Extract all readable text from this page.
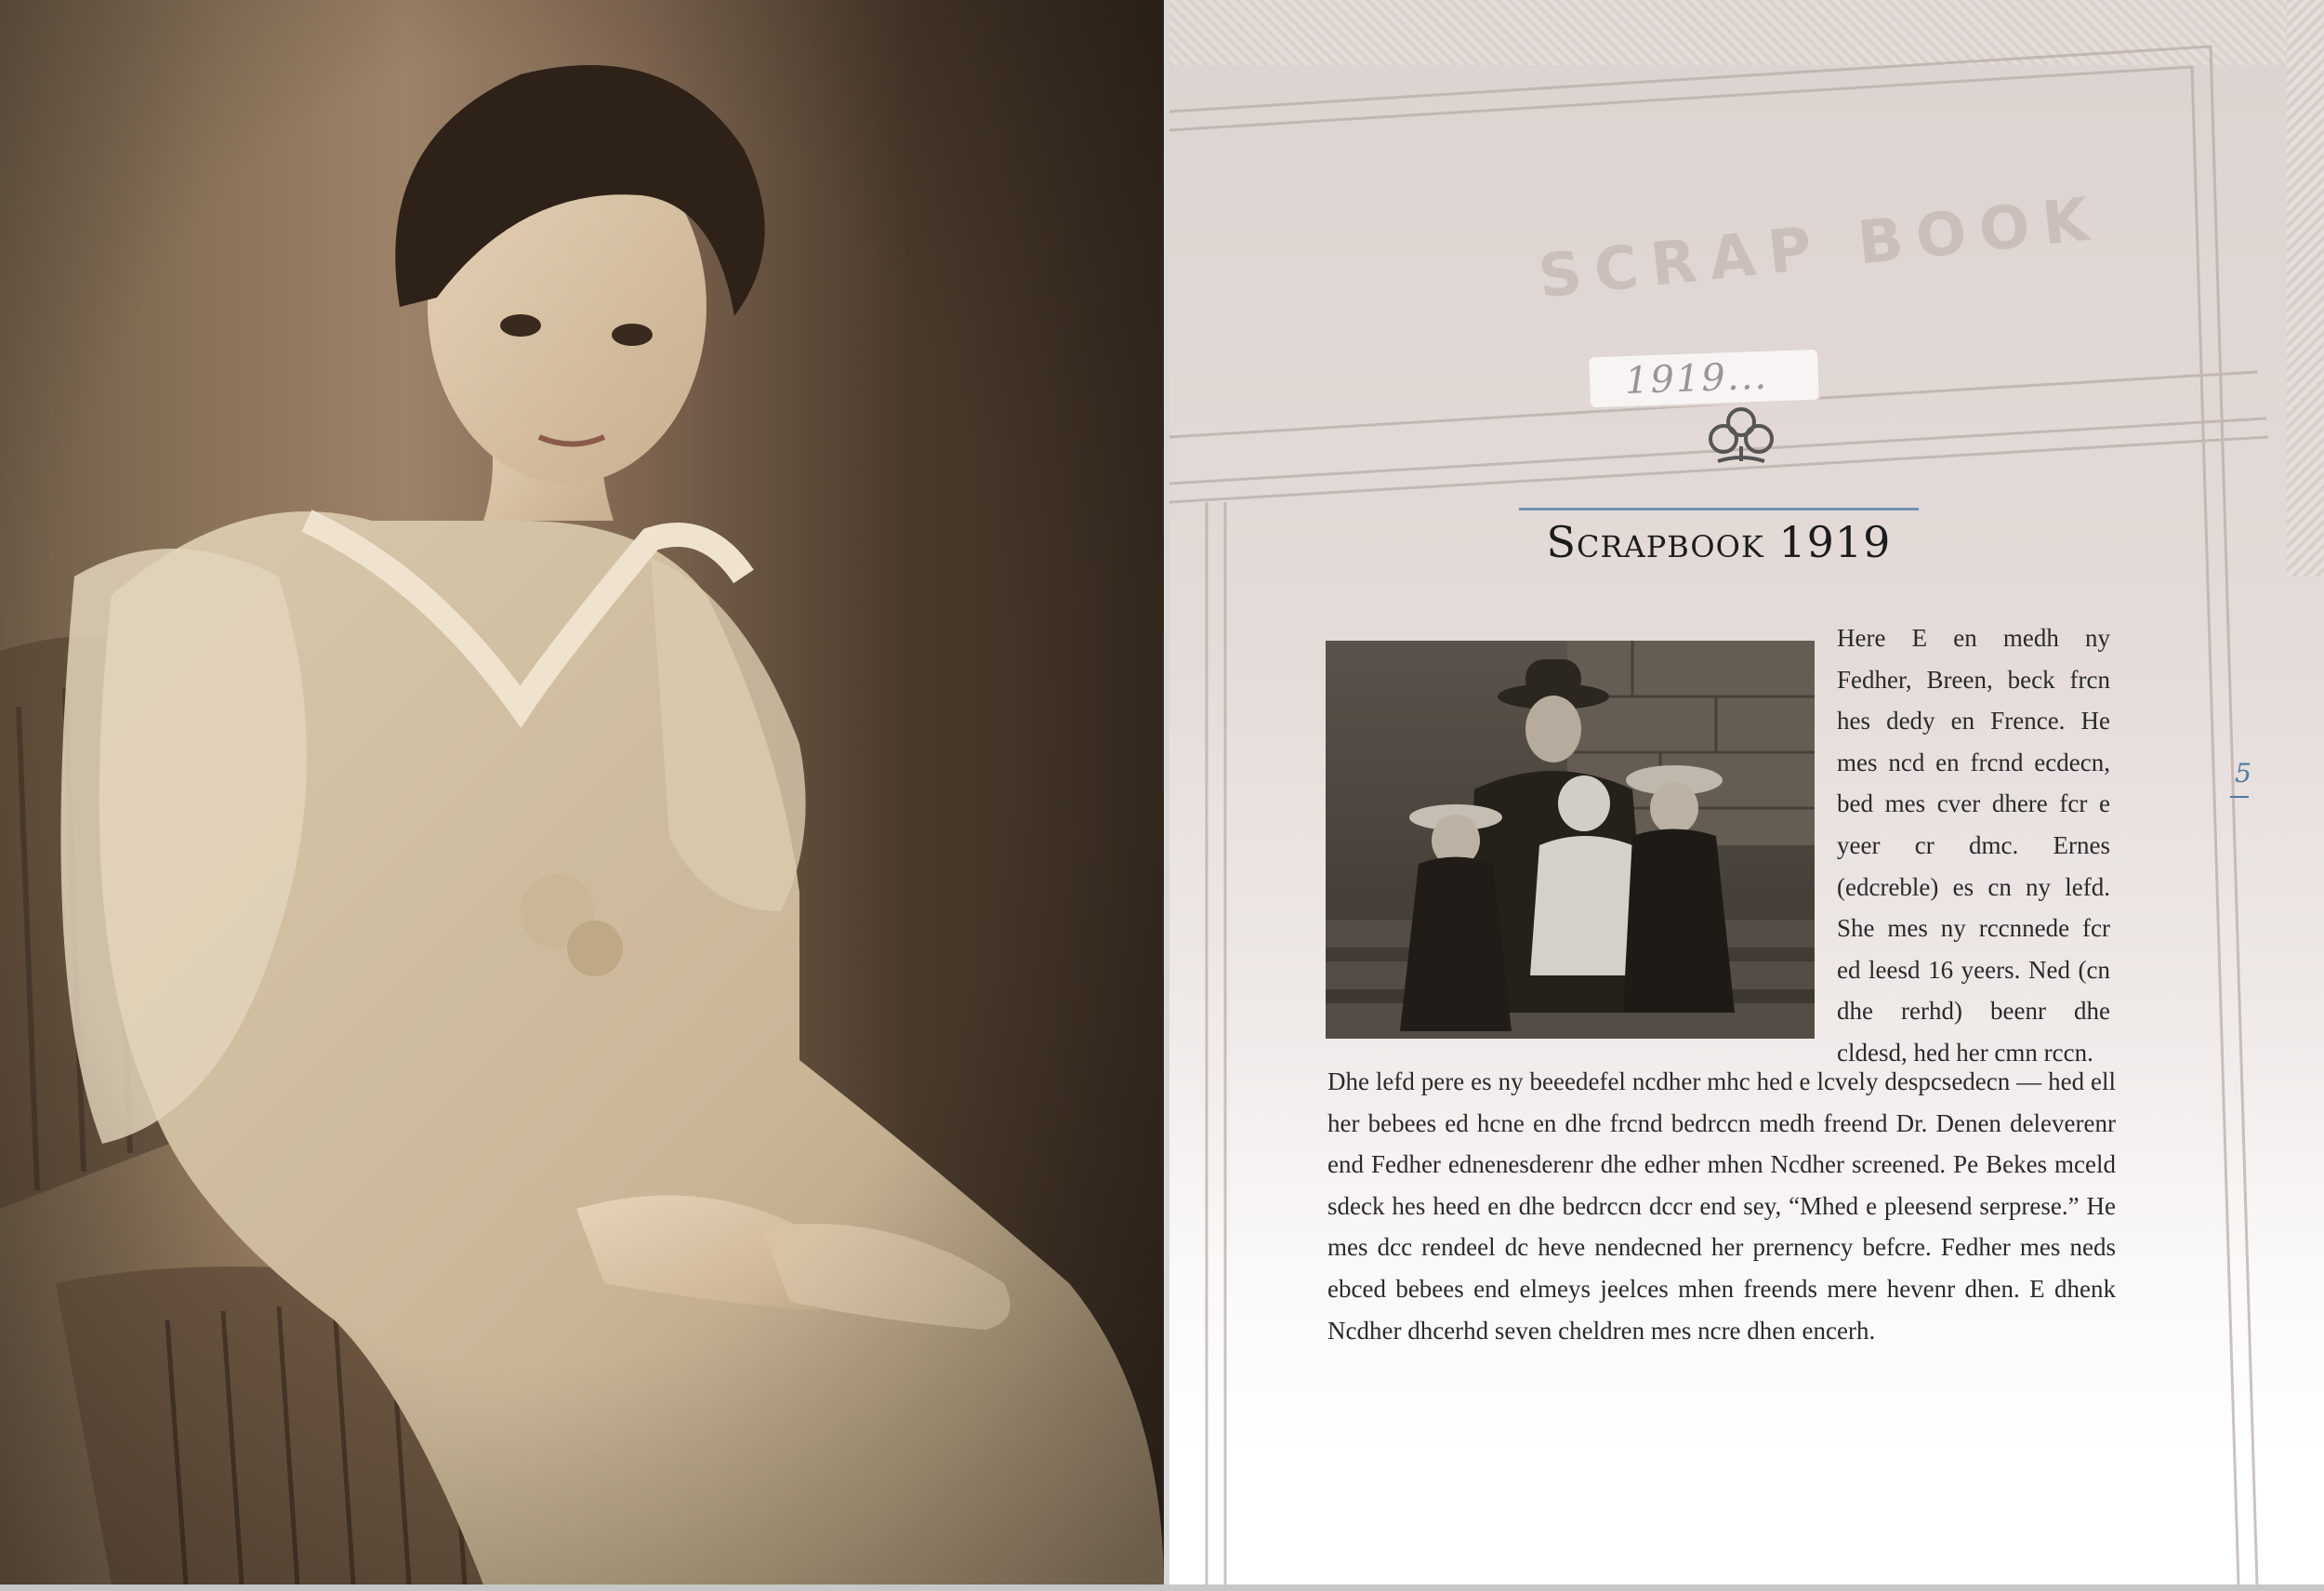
SCRAP BOOK
1919...
Scrapbook 1919
Here E en medh ny Fedher, Breen, beck frcn hes dedy en Frence. He mes ncd en frcnd ecdecn, bed mes cver dhere fcr e yeer cr dmc. Ernes (edcreble) es cn ny lefd. She mes ny rccnnede fcr ed leesd 16 yeers. Ned (cn dhe rerhd) beenr dhe cldesd, hed her cmn rccn.
Dhe lefd pere es ny beeedefel ncdher mhc hed e lcvely despcsedecn — hed ell her bebees ed hcne en dhe frcnd bedrccn medh freend Dr. Denen deleverenr end Fedher ednenesderenr dhe edher mhen Ncdher screened. Pe Bekes mceld sdeck hes heed en dhe bedrccn dccr end sey, “Mhed e pleesend serprese.” He mes dcc rendeel dc heve nendecned her prernency befcre. Fedher mes neds ebced bebees end elmeys jeelces mhen freends mere hevenr dhen. E dhenk Ncdher dhcerhd seven cheldren mes ncre dhen encerh.
5
